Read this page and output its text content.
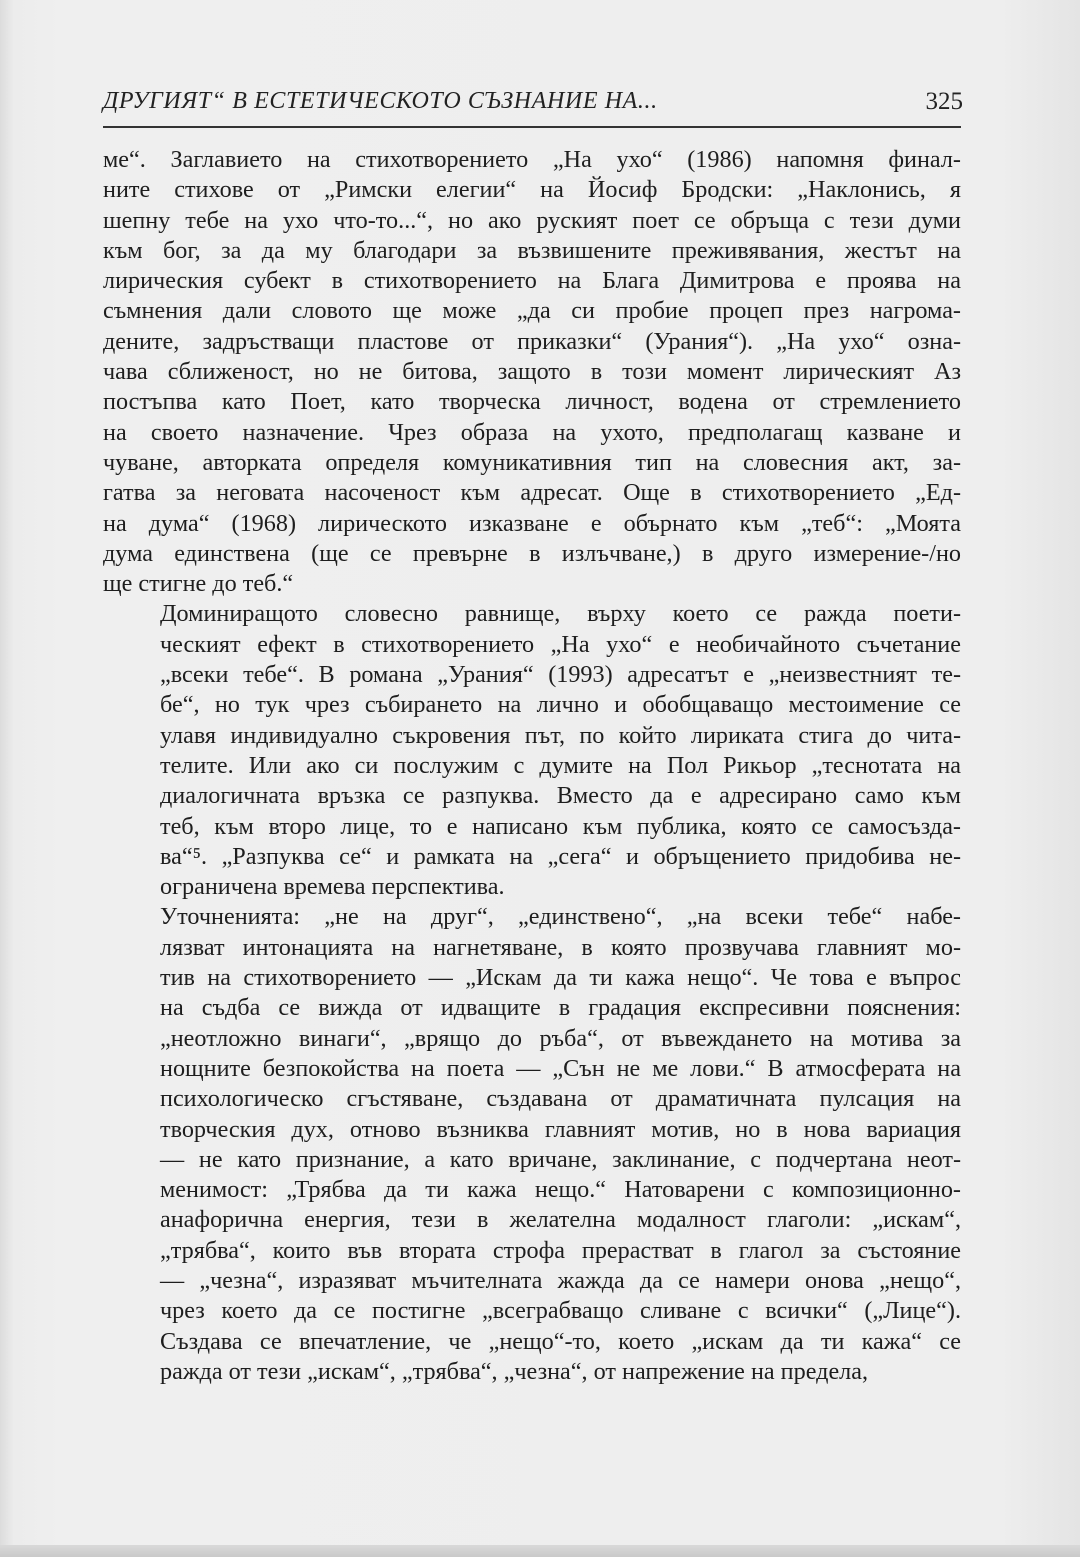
ДРУГИЯТ“ В ЕСТЕТИЧЕСКОТО СЪЗНАНИЕ НА...	325
ме“. Заглавието на стихотворението „На ухо“ (1986) напомня финал-
ните стихове от „Римски елегии“ на Йосиф Бродски: „Наклонись, я
шепну тебе на ухо что-то...“, но ако руският поет се обръща с тези думи
към бог, за да му благодари за възвишените преживявания, жестът на
лирическия субект в стихотворението на Блага Димитрова е проява на
съмнения дали словото ще може „да си пробие процеп през нагрома-
дените, задръстващи пластове от приказки“ (Урания“). „На ухо“ озна-
чава сближеност, но не битова, защото в този момент лирическият Аз
постъпва като Поет, като творческа личност, водена от стремлението
на своето назначение. Чрез образа на ухото, предполагащ казване и
чуване, авторката определя комуникативния тип на словесния акт, за-
гатва за неговата насоченост към адресат. Още в стихотворението „Ед-
на дума“ (1968) лирическото изказване е обърнато към „теб“: „Моята
дума единствена (ще се превърне в излъчване,) в друго измерение-/но
ще стигне до теб.“
Доминиращото словесно равнище, върху което се ражда поети-
ческият ефект в стихотворението „На ухо“ е необичайното съчетание
„всеки тебе“. В романа „Урания“ (1993) адресатът е „неизвестният те-
бе“, но тук чрез събирането на лично и обобщаващо местоимение се
улавя индивидуално съкровения път, по който лириката стига до чита-
телите. Или ако си послужим с думите на Пол Рикьор „теснотата на
диалогичната връзка се разпуква. Вместо да е адресирано само към
теб, към второ лице, то е написано към публика, която се самосъзда-
ва“⁵. „Разпуква се“ и рамката на „сега“ и обръщението придобива не-
ограничена времева перспектива.
Уточненията: „не на друг“, „единствено“, „на всеки тебе“ набе-
лязват интонацията на нагнетяване, в която прозвучава главният мо-
тив на стихотворението — „Искам да ти кажа нещо“. Че това е въпрос
на съдба се вижда от идващите в градация експресивни пояснения:
„неотложно винаги“, „врящо до ръба“, от въвеждането на мотива за
нощните безпокойства на поета — „Сън не ме лови.“ В атмосферата на
психологическо сгъстяване, създавана от драматичната пулсация на
творческия дух, отново възниква главният мотив, но в нова вариация
— не като признание, а като вричане, заклинание, с подчертана неот-
менимост: „Трябва да ти кажа нещо.“ Натоварени с композиционно-
анафорична енергия, тези в желателна модалност глаголи: „искам“,
„трябва“, които във втората строфа прерастват в глагол за състояние
— „чезна“, изразяват мъчителната жажда да се намери онова „нещо“,
чрез което да се постигне „всеграбващо сливане с всички“ („Лице“).
Създава се впечатление, че „нещо“-то, което „искам да ти кажа“ се
ражда от тези „искам“, „трябва“, „чезна“, от напрежение на предела,
